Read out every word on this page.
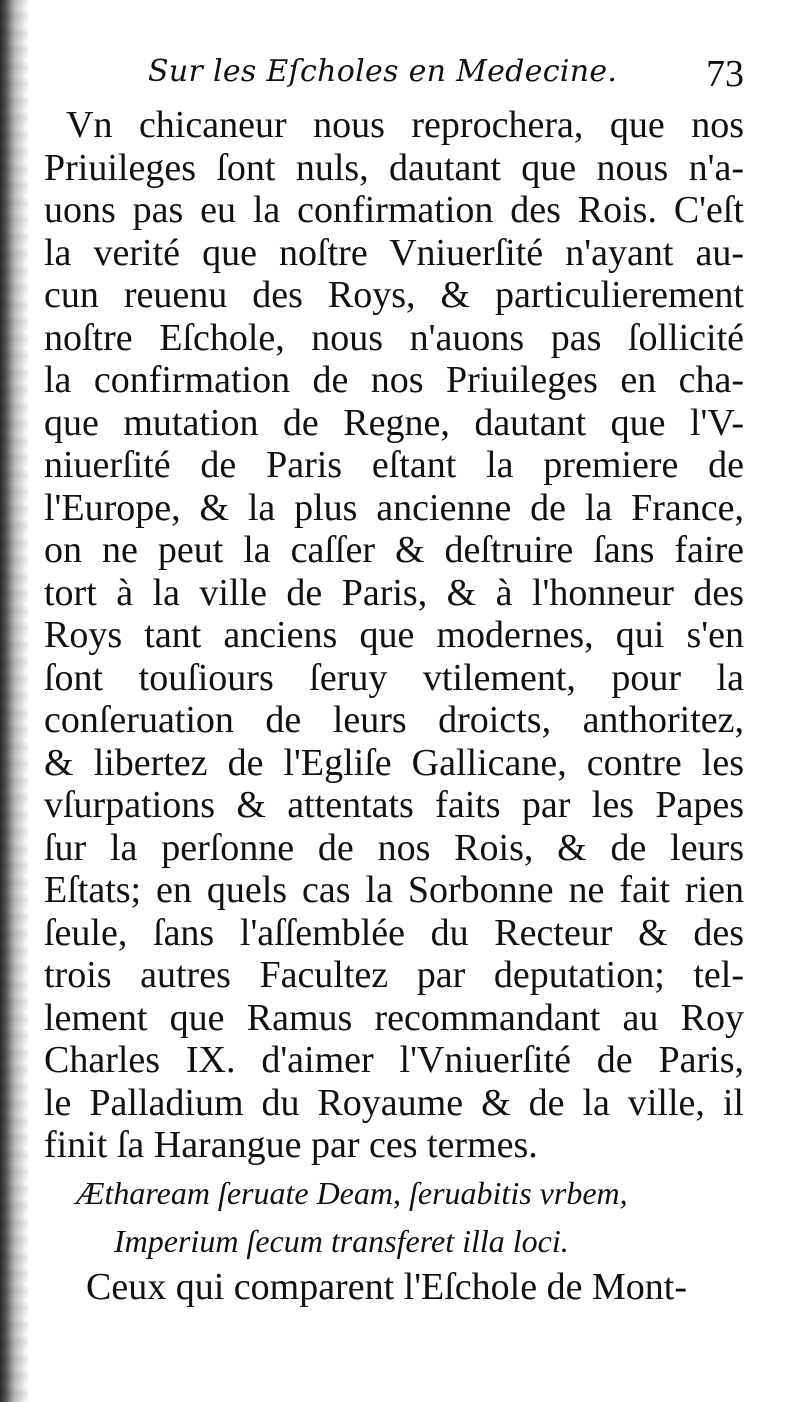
Sur les Eſcholes en Medecine. 73
Vn chicaneur nous reprochera, que nos
Priuileges ſont nuls, dautant que nous n'a-
uons pas eu la confirmation des Rois. C'eſt
la verité que noſtre Vniuerſité n'ayant au-
cun reuenu des Roys, & particulierement
noſtre Eſchole, nous n'auons pas ſollicité
la confirmation de nos Priuileges en cha-
que mutation de Regne, dautant que l'V-
niuerſité de Paris eſtant la premiere de
l'Europe, & la plus ancienne de la France,
on ne peut la caſſer & deſtruire ſans faire
tort à la ville de Paris, & à l'honneur des
Roys tant anciens que modernes, qui s'en
ſont touſiours ſeruy vtilement, pour la
conſeruation de leurs droicts, anthoritez,
& libertez de l'Egliſe Gallicane, contre les
vſurpations & attentats faits par les Papes
ſur la perſonne de nos Rois, & de leurs
Eſtats; en quels cas la Sorbonne ne fait rien
ſeule, ſans l'aſſemblée du Recteur & des
trois autres Facultez par deputation; tel-
lement que Ramus recommandant au Roy
Charles IX. d'aimer l'Vniuerſité de Paris,
le Palladium du Royaume & de la ville, il
finit ſa Harangue par ces termes.
Æthaream ſeruate Deam, ſeruabitis vrbem,
Imperium ſecum transferet illa loci.
Ceux qui comparent l'Eſchole de Mont-
